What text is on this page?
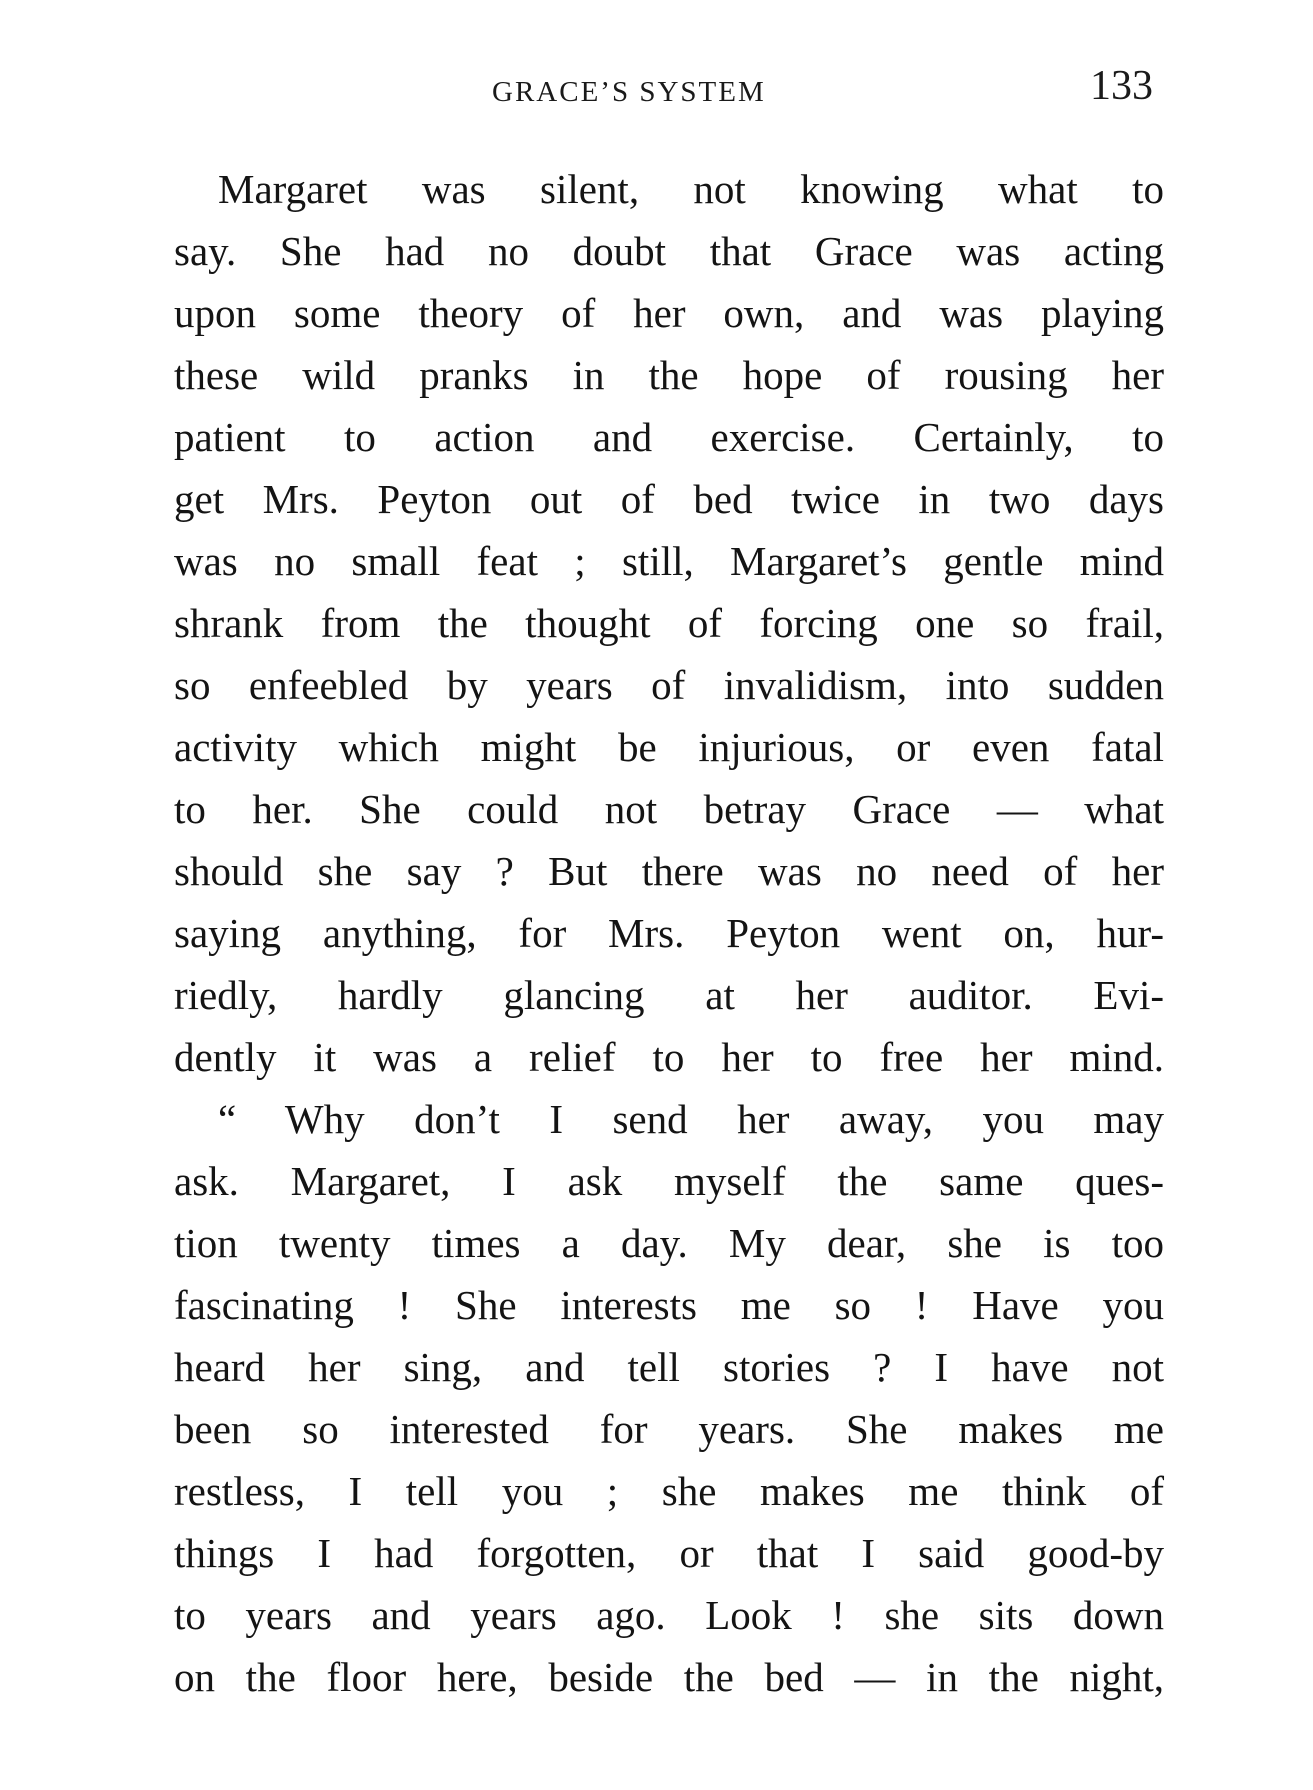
GRACE’S SYSTEM	133
Margaret was silent, not knowing what to
say. She had no doubt that Grace was acting
upon some theory of her own, and was playing
these wild pranks in the hope of rousing her
patient to action and exercise. Certainly, to
get Mrs. Peyton out of bed twice in two days
was no small feat ; still, Margaret’s gentle mind
shrank from the thought of forcing one so frail,
so enfeebled by years of invalidism, into sudden
activity which might be injurious, or even fatal
to her. She could not betray Grace — what
should she say ? But there was no need of her
saying anything, for Mrs. Peyton went on, hur-
riedly, hardly glancing at her auditor. Evi-
dently it was a relief to her to free her mind.
“ Why don’t I send her away, you may
ask. Margaret, I ask myself the same ques-
tion twenty times a day. My dear, she is too
fascinating ! She interests me so ! Have you
heard her sing, and tell stories ? I have not
been so interested for years. She makes me
restless, I tell you ; she makes me think of
things I had forgotten, or that I said good-by
to years and years ago. Look ! she sits down
on the floor here, beside the bed — in the night,
